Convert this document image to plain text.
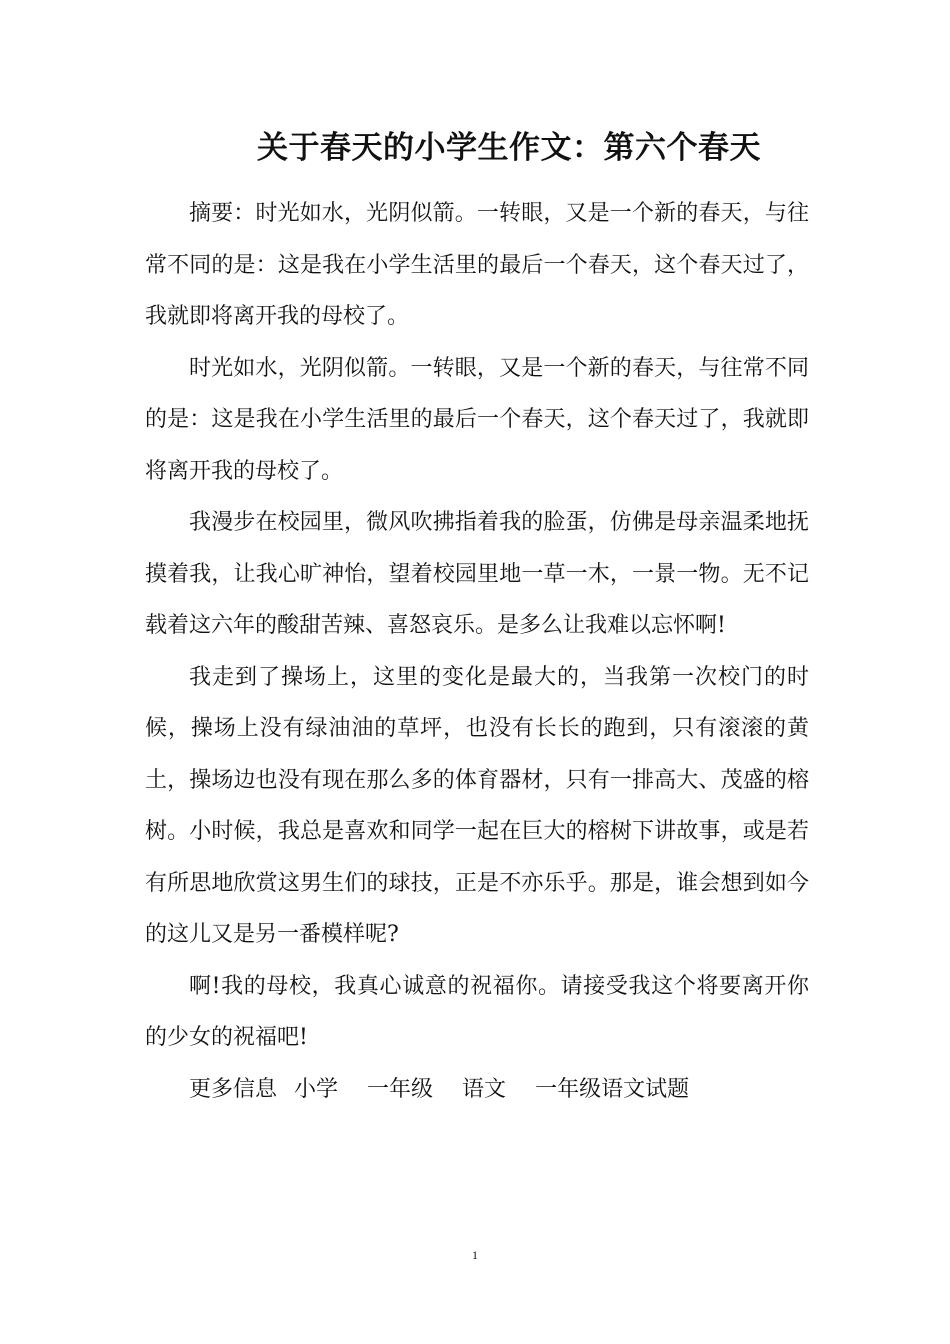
关于春天的小学生作文：第六个春天

摘要：时光如水，光阴似箭。一转眼，又是一个新的春天，与往常不同的是：这是我在小学生活里的最后一个春天，这个春天过了，我就即将离开我的母校了。

时光如水，光阴似箭。一转眼，又是一个新的春天，与往常不同的是：这是我在小学生活里的最后一个春天，这个春天过了，我就即将离开我的母校了。

我漫步在校园里，微风吹拂指着我的脸蛋，仿佛是母亲温柔地抚摸着我，让我心旷神怡，望着校园里地一草一木，一景一物。无不记载着这六年的酸甜苦辣、喜怒哀乐。是多么让我难以忘怀啊!

我走到了操场上，这里的变化是最大的，当我第一次校门的时候，操场上没有绿油油的草坪，也没有长长的跑到，只有滚滚的黄土，操场边也没有现在那么多的体育器材，只有一排高大、茂盛的榕树。小时候，我总是喜欢和同学一起在巨大的榕树下讲故事，或是若有所思地欣赏这男生们的球技，正是不亦乐乎。那是，谁会想到如今的这儿又是另一番模样呢?

啊!我的母校，我真心诚意的祝福你。请接受我这个将要离开你的少女的祝福吧!

更多信息 小学 一年级 语文 一年级语文试题

1
